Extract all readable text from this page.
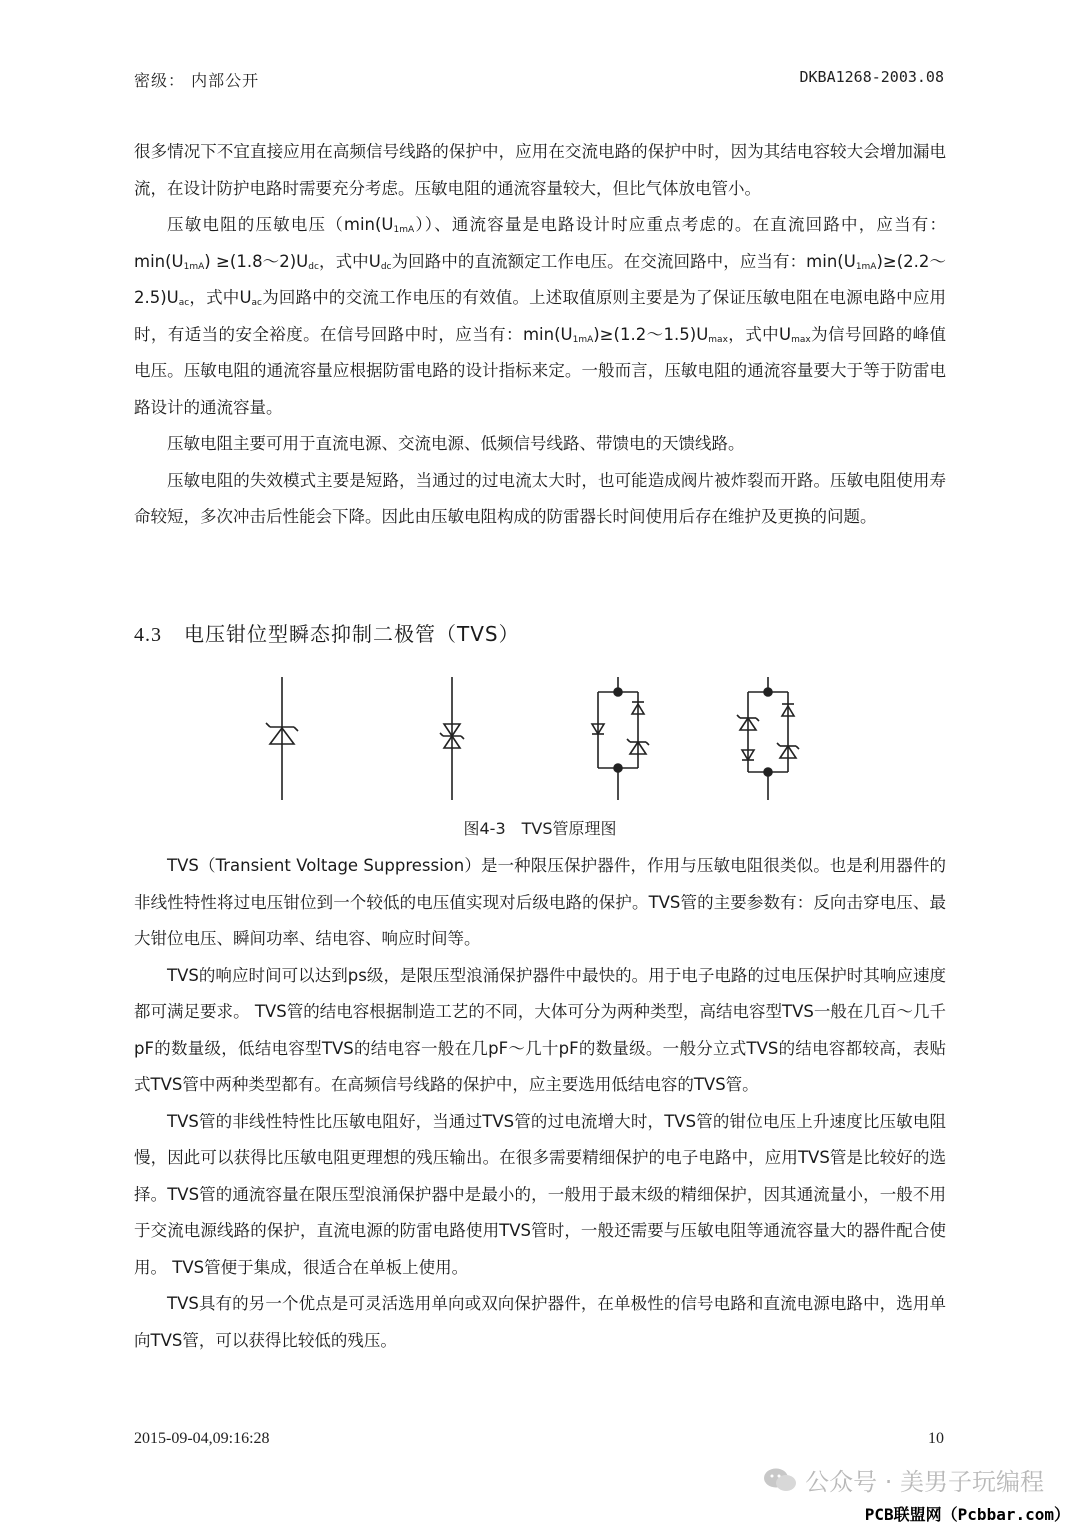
密级： 内部公开	DKBA1268-2003.08

很多情况下不宜直接应用在高频信号线路的保护中，应用在交流电路的保护中时，因为其结电容较大会增加漏电流，在设计防护电路时需要充分考虑。压敏电阻的通流容量较大，但比气体放电管小。

压敏电阻的压敏电压$(\min(U_{1mA}))$、通流容量是电路设计时应重点考虑的。在直流回路中，应当有：$\min(U_{1mA})$ $\ge(1.8\sim 2)U_{dc}$，式中$U_{dc}$为回路中的直流额定工作电压。在交流回路中，应当有：$\min(U_{1mA})\ge(2.2\sim 2.5)U_{ac}$，式中$U_{ac}$为回路中的交流工作电压的有效值。上述取值原则主要是为了保证压敏电阻在电源电路中应用时，有适当的安全裕度。在信号回路中时，应当有：$\min(U_{1mA})\ge(1.2\sim 1.5)U_{max}$，式中$U_{max}$为信号回路的峰值电压。压敏电阻的通流容量应根据防雷电路的设计指标来定。一般而言，压敏电阻的通流容量要大于等于防雷电路设计的通流容量。

压敏电阻主要可用于直流电源、交流电源、低频信号线路、带馈电的天馈线路。

压敏电阻的失效模式主要是短路，当通过的过电流太大时，也可能造成阀片被炸裂而开路。压敏电阻使用寿命较短，多次冲击后性能会下降。因此由压敏电阻构成的防雷器长时间使用后存在维护及更换的问题。

4.3 电压钳位型瞬态抑制二极管（TVS）
图4-3　TVS管原理图

TVS（Transient Voltage Suppression）是一种限压保护器件，作用与压敏电阻很类似。也是利用器件的非线性特性将过电压钳位到一个较低的电压值实现对后级电路的保护。TVS管的主要参数有：反向击穿电压、最大钳位电压、瞬间功率、结电容、响应时间等。

TVS的响应时间可以达到ps级，是限压型浪涌保护器件中最快的。用于电子电路的过电压保护时其响应速度都可满足要求。 TVS管的结电容根据制造工艺的不同，大体可分为两种类型，高结电容型TVS一般在几百～几千pF的数量级，低结电容型TVS的结电容一般在几pF～几十pF的数量级。一般分立式TVS的结电容都较高，表贴式TVS管中两种类型都有。在高频信号线路的保护中，应主要选用低结电容的TVS管。

TVS管的非线性特性比压敏电阻好，当通过TVS管的过电流增大时，TVS管的钳位电压上升速度比压敏电阻慢，因此可以获得比压敏电阻更理想的残压输出。在很多需要精细保护的电子电路中，应用TVS管是比较好的选择。TVS管的通流容量在限压型浪涌保护器中是最小的，一般用于最末级的精细保护，因其通流量小，一般不用于交流电源线路的保护，直流电源的防雷电路使用TVS管时，一般还需要与压敏电阻等通流容量大的器件配合使用。 TVS管便于集成，很适合在单板上使用。

TVS具有的另一个优点是可灵活选用单向或双向保护器件，在单极性的信号电路和直流电源电路中，选用单向TVS管，可以获得比较低的残压。

2015-09-04,09:16:28	10
公众号 · 美男子玩编程
PCB联盟网（Pcbbar.com）
